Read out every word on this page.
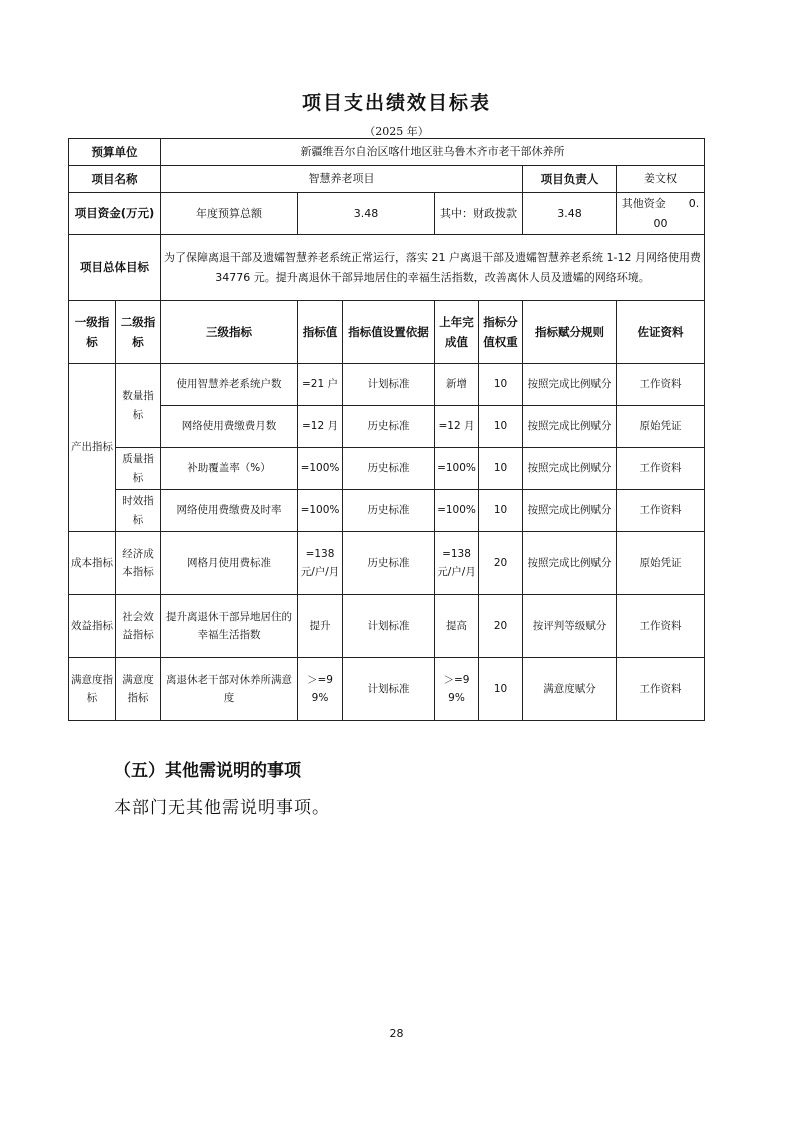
项目支出绩效目标表
（2025 年）
预算单位		新疆维吾尔自治区喀什地区驻乌鲁木齐市老干部休养所						
项目名称		智慧养老项目					项目负责人	姜文权
项目资金(万元)		年度预算总额	3.48		其中：财政拨款		3.48	其他资金 0.00
项目总体目标		为了保障离退干部及遗孀智慧养老系统正常运行，落实 21 户离退干部及遗孀智慧养老系统 1-12 月网络使用费 34776 元。提升离退休干部异地居住的幸福生活指数，改善离休人员及遗孀的网络环境。						
一级指标	二级指标	三级指标	指标值	指标值设置依据	上年完成值	指标分值权重	指标赋分规则	佐证资料
产出指标	数量指标	使用智慧养老系统户数	=21 户	计划标准	新增	10	按照完成比例赋分	工作资料
		网络使用费缴费月数	=12 月	历史标准	=12 月	10	按照完成比例赋分	原始凭证
	质量指标	补助覆盖率（%）	=100%	历史标准	=100%	10	按照完成比例赋分	工作资料
	时效指标	网络使用费缴费及时率	=100%	历史标准	=100%	10	按照完成比例赋分	工作资料
成本指标	经济成本指标	网格月使用费标准	=138 元/户/月	历史标准	=138 元/户/月	20	按照完成比例赋分	原始凭证
效益指标	社会效益指标	提升离退休干部异地居住的幸福生活指数	提升	计划标准	提高	20	按评判等级赋分	工作资料
满意度指标	满意度指标	离退休老干部对休养所满意度	＞=99%	计划标准	＞=99%	10	满意度赋分	工作资料
（五）其他需说明的事项
本部门无其他需说明事项。
28
